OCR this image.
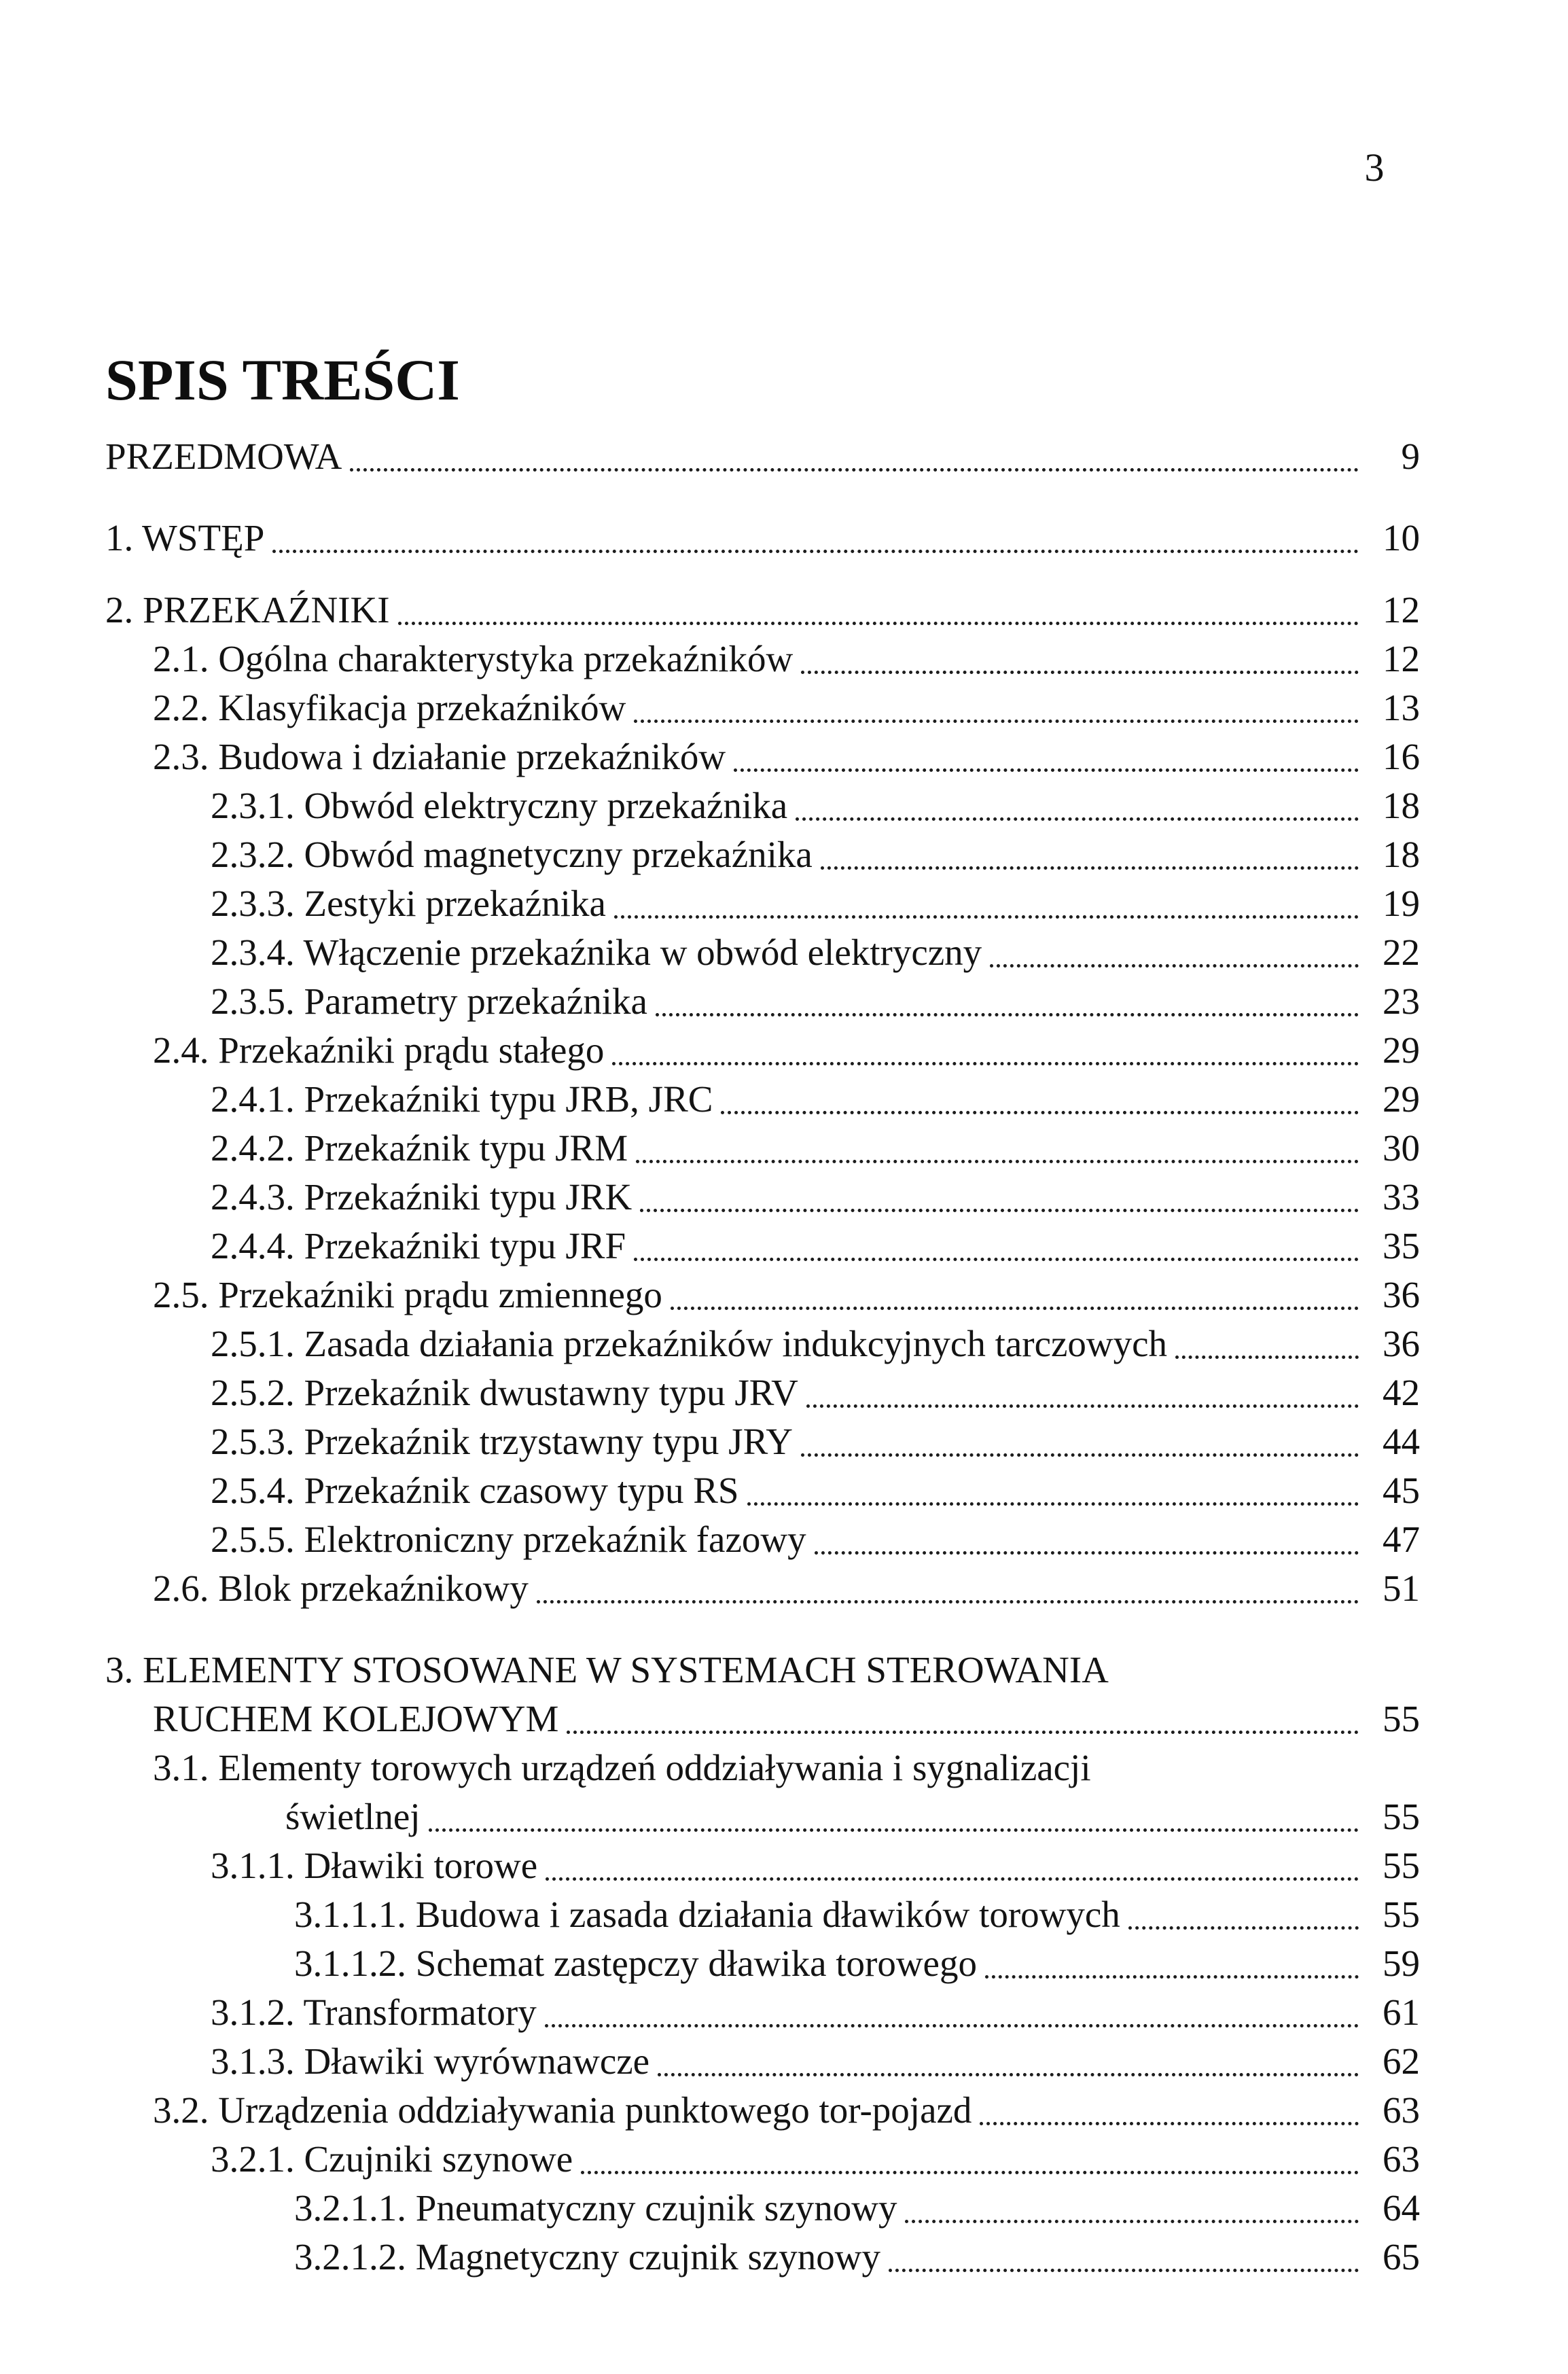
3
SPIS TREŚCI
PRZEDMOWA	9
1. WSTĘP	10
2. PRZEKAŹNIKI	12
2.1. Ogólna charakterystyka przekaźników	12
2.2. Klasyfikacja przekaźników	13
2.3. Budowa i działanie przekaźników	16
2.3.1. Obwód elektryczny przekaźnika	18
2.3.2. Obwód magnetyczny przekaźnika	18
2.3.3. Zestyki przekaźnika	19
2.3.4. Włączenie przekaźnika w obwód elektryczny	22
2.3.5. Parametry przekaźnika	23
2.4. Przekaźniki prądu stałego	29
2.4.1. Przekaźniki typu JRB, JRC	29
2.4.2. Przekaźnik typu JRM	30
2.4.3. Przekaźniki typu JRK	33
2.4.4. Przekaźniki typu JRF	35
2.5. Przekaźniki prądu zmiennego	36
2.5.1. Zasada działania przekaźników indukcyjnych tarczowych	36
2.5.2. Przekaźnik dwustawny typu JRV	42
2.5.3. Przekaźnik trzystawny typu JRY	44
2.5.4. Przekaźnik czasowy typu RS	45
2.5.5. Elektroniczny przekaźnik fazowy	47
2.6. Blok przekaźnikowy	51
3. ELEMENTY STOSOWANE W SYSTEMACH STEROWANIA
RUCHEM KOLEJOWYM	55
3.1. Elementy torowych urządzeń oddziaływania i sygnalizacji
świetlnej	55
3.1.1. Dławiki torowe	55
3.1.1.1. Budowa i zasada działania dławików torowych	55
3.1.1.2. Schemat zastępczy dławika torowego	59
3.1.2. Transformatory	61
3.1.3. Dławiki wyrównawcze	62
3.2. Urządzenia oddziaływania punktowego tor-pojazd	63
3.2.1. Czujniki szynowe	63
3.2.1.1. Pneumatyczny czujnik szynowy	64
3.2.1.2. Magnetyczny czujnik szynowy	65
